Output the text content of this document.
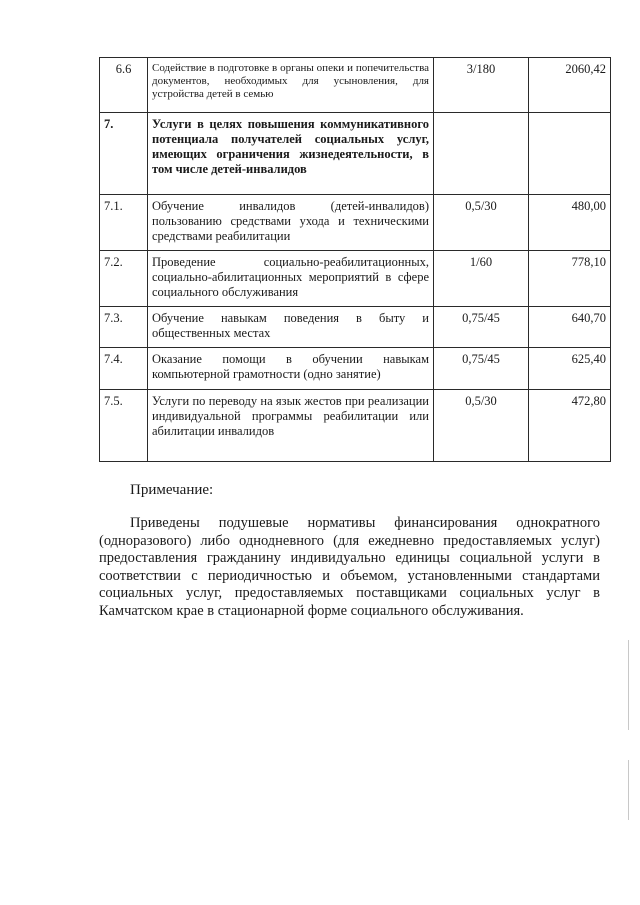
6.6	Содействие в подготовке в органы опеки и попечительства документов, необходимых для усыновления, для устройства детей в семью	3/180	2060,42
7.	Услуги в целях повышения коммуникативного потенциала получателей социальных услуг, имеющих ограничения жизнедеятельности, в том числе детей-инвалидов		
7.1.	Обучение инвалидов (детей-инвалидов) пользованию средствами ухода и техническими средствами реабилитации	0,5/30	480,00
7.2.	Проведение социально-реабилитационных, социально-абилитационных мероприятий в сфере социального обслуживания	1/60	778,10
7.3.	Обучение навыкам поведения в быту и общественных местах	0,75/45	640,70
7.4.	Оказание помощи в обучении навыкам компьютерной грамотности (одно занятие)	0,75/45	625,40
7.5.	Услуги по переводу на язык жестов при реализации индивидуальной программы реабилитации или абилитации инвалидов	0,5/30	472,80
Примечание:
Приведены подушевые нормативы финансирования однократного (одноразового) либо однодневного (для ежедневно предоставляемых услуг) предоставления гражданину индивидуально единицы социальной услуги в соответствии с периодичностью и объемом, установленными стандартами социальных услуг, предоставляемых поставщиками социальных услуг в Камчатском крае в стационарной форме социального обслуживания.
